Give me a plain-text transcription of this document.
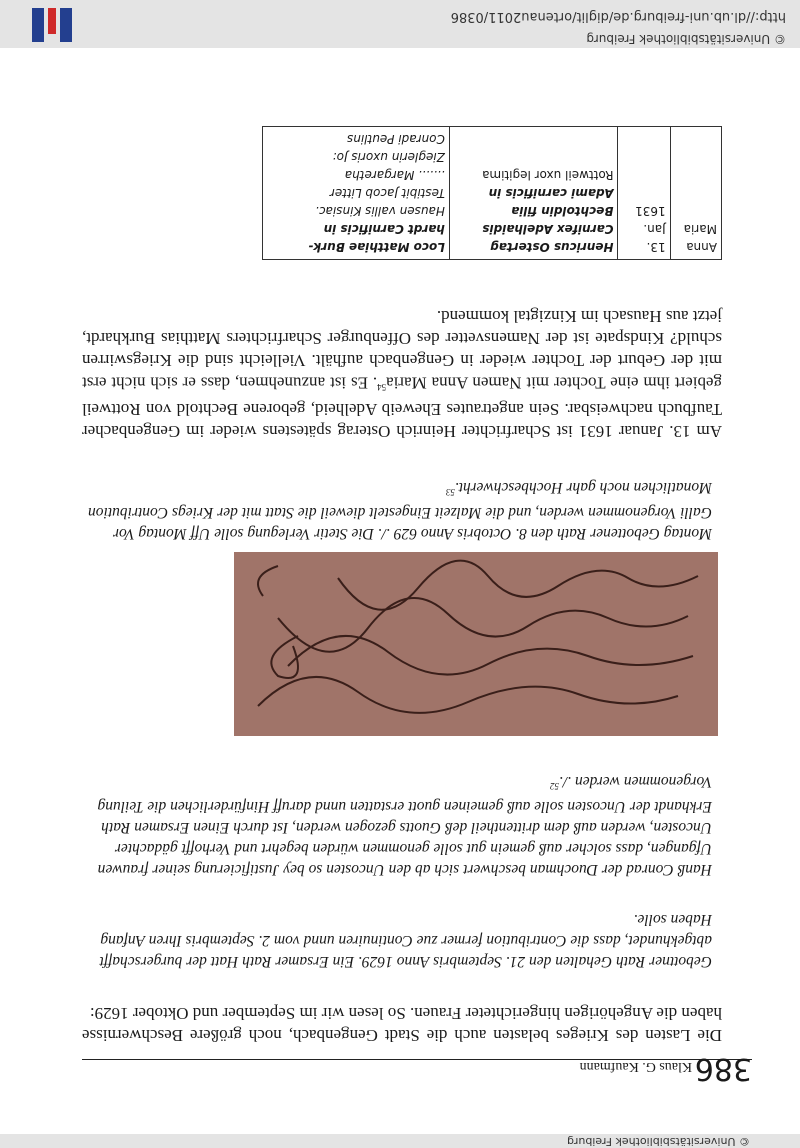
© Universitätsbibliothek Freiburg
386
Klaus G. Kaufmann

Die Lasten des Krieges belasten auch die Stadt Gengenbach, noch größere Beschwernisse haben die Angehörigen hingerichteter Frauen. So lesen wir im September und Oktober 1629:

Gebottner Rath Gehalten den 21. Septembris Anno 1629. Ein Ersamer Rath Hatt der burgerschafft abtgekhundet, dass die Contribution fermer zue Continuiren unnd vom 2. Septembris Ihren Anfang Haben solle.

Hanß Conrad der Duochman beschwert sich ab den Uncosten so bey Justificierung seiner frauwen Ufgangen, dass solcher auß gemein gut solle genommen würden begehrt und Verhofft gädachter Uncosten, werden auß dem drittentheil deß Guotts gezogen werden, Ist durch Einen Ersamen Rath Erkhandt der Uncosten solle auß gemeinen guott erstatten unnd daruff Hinfürderlichen die Teilung Vorgenommen werden ./.$^{52}$

Montag Gebottener Rath den 8. Octobris Anno 629 ./. Die Stetir Verlegung solle Uff Montag Vor Galli Vorgenommen werden, und die Malzeit Eingestelt dieweil die Statt mit der Kriegs Contribution Monatlichen noch gahr Hochbeschwerht.$^{53}$

Am 13. Januar 1631 ist Scharfrichter Heinrich Osterag spätestens wieder im Gengenbacher Taufbuch nachweisbar. Sein angetrautes Eheweib Adelheid, geborene Bechtold von Rottweil gebiert ihm eine Tochter mit Namen Anna Maria$^{54}$. Es ist anzunehmen, dass er sich nicht erst mit der Geburt der Tochter wieder in Gengenbach aufhält. Vielleicht sind die Kriegswirren schuld? Kindspate ist der Namensvetter des Offenburger Scharfrichters Matthias Burkhardt, jetzt aus Hausach im Kinzigtal kommend.

Anna
Maria

13. Jan.
1631

Henricus Ostertag
Carnifex Adelhaidis
Bechtoldin filia
Adami carnificis in
Rottweil uxor legitima

Loco Matthiae Burk-
hardt Carnificis in
Hausen vallis Kinsiac.
Testibit Jacob Litter
....... Margaretha
Zieglerin uxoris Jo:
Conradi Peutlins
© Universitätsbibliothek Freiburg
http://dl.ub.uni-freiburg.de/diglit/ortenau2011/0386
